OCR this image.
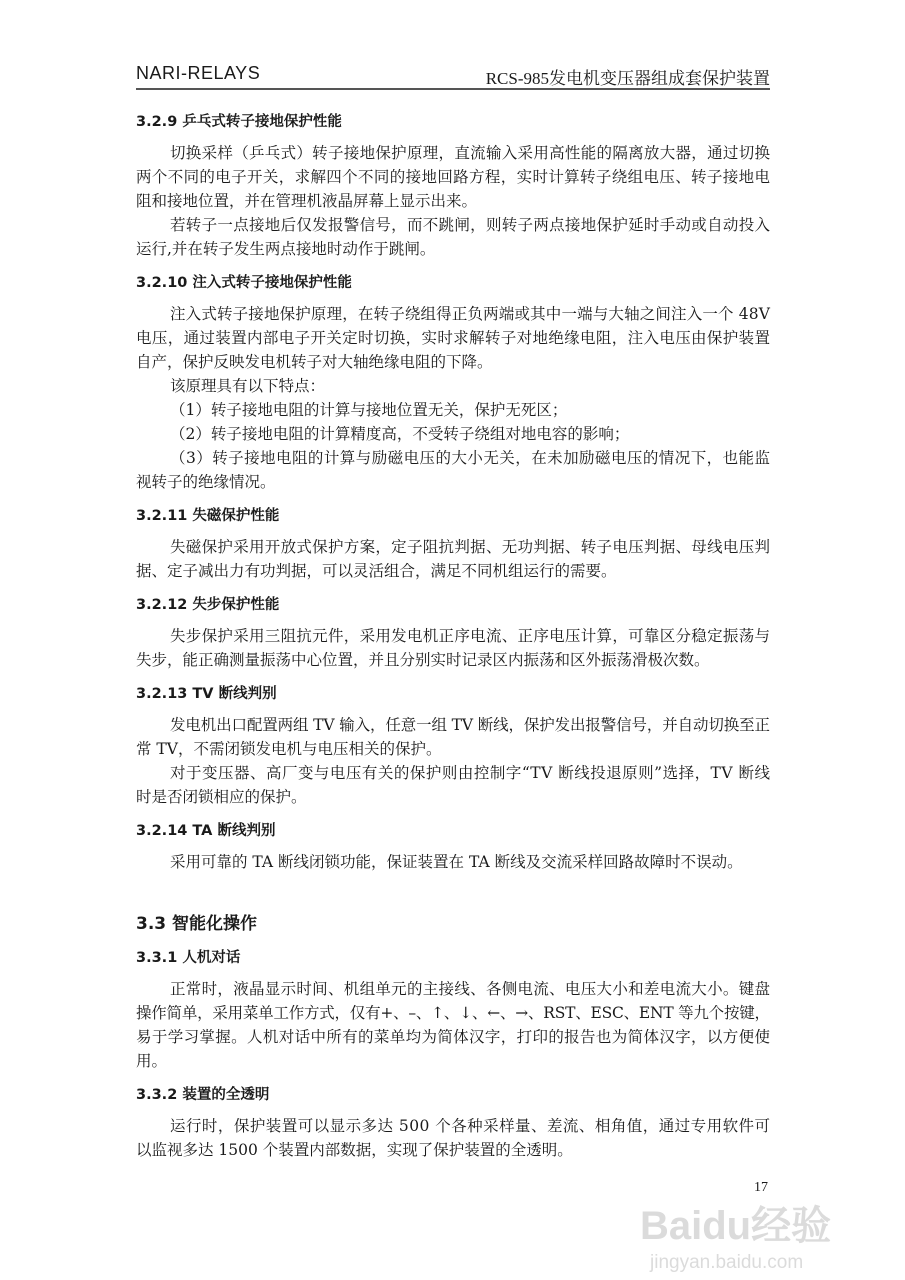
NARI-RELAYS	RCS-985发电机变压器组成套保护装置
3.2.9 乒乓式转子接地保护性能
切换采样（乒乓式）转子接地保护原理，直流输入采用高性能的隔离放大器，通过切换
两个不同的电子开关，求解四个不同的接地回路方程，实时计算转子绕组电压、转子接地电
阻和接地位置，并在管理机液晶屏幕上显示出来。
若转子一点接地后仅发报警信号，而不跳闸，则转子两点接地保护延时手动或自动投入
运行,并在转子发生两点接地时动作于跳闸。
3.2.10 注入式转子接地保护性能
注入式转子接地保护原理，在转子绕组得正负两端或其中一端与大轴之间注入一个 48V
电压，通过装置内部电子开关定时切换，实时求解转子对地绝缘电阻，注入电压由保护装置
自产，保护反映发电机转子对大轴绝缘电阻的下降。
该原理具有以下特点：
（1）转子接地电阻的计算与接地位置无关，保护无死区；
（2）转子接地电阻的计算精度高，不受转子绕组对地电容的影响；
（3）转子接地电阻的计算与励磁电压的大小无关，在未加励磁电压的情况下，也能监
视转子的绝缘情况。
3.2.11 失磁保护性能
失磁保护采用开放式保护方案，定子阻抗判据、无功判据、转子电压判据、母线电压判
据、定子减出力有功判据，可以灵活组合，满足不同机组运行的需要。
3.2.12 失步保护性能
失步保护采用三阻抗元件，采用发电机正序电流、正序电压计算，可靠区分稳定振荡与
失步，能正确测量振荡中心位置，并且分别实时记录区内振荡和区外振荡滑极次数。
3.2.13 TV 断线判别
发电机出口配置两组 TV 输入，任意一组 TV 断线，保护发出报警信号，并自动切换至正
常 TV，不需闭锁发电机与电压相关的保护。
对于变压器、高厂变与电压有关的保护则由控制字“TV 断线投退原则”选择，TV 断线
时是否闭锁相应的保护。
3.2.14 TA 断线判别
采用可靠的 TA 断线闭锁功能，保证装置在 TA 断线及交流采样回路故障时不误动。
3.3 智能化操作
3.3.1 人机对话
正常时，液晶显示时间、机组单元的主接线、各侧电流、电压大小和差电流大小。键盘
操作简单，采用菜单工作方式，仅有+、–、↑、↓、←、→、RST、ESC、ENT 等九个按键，
易于学习掌握。人机对话中所有的菜单均为简体汉字，打印的报告也为简体汉字，以方便使
用。
3.3.2 装置的全透明
运行时，保护装置可以显示多达 500 个各种采样量、差流、相角值，通过专用软件可
以监视多达 1500 个装置内部数据，实现了保护装置的全透明。
17
Baidu经验
jingyan.baidu.com
